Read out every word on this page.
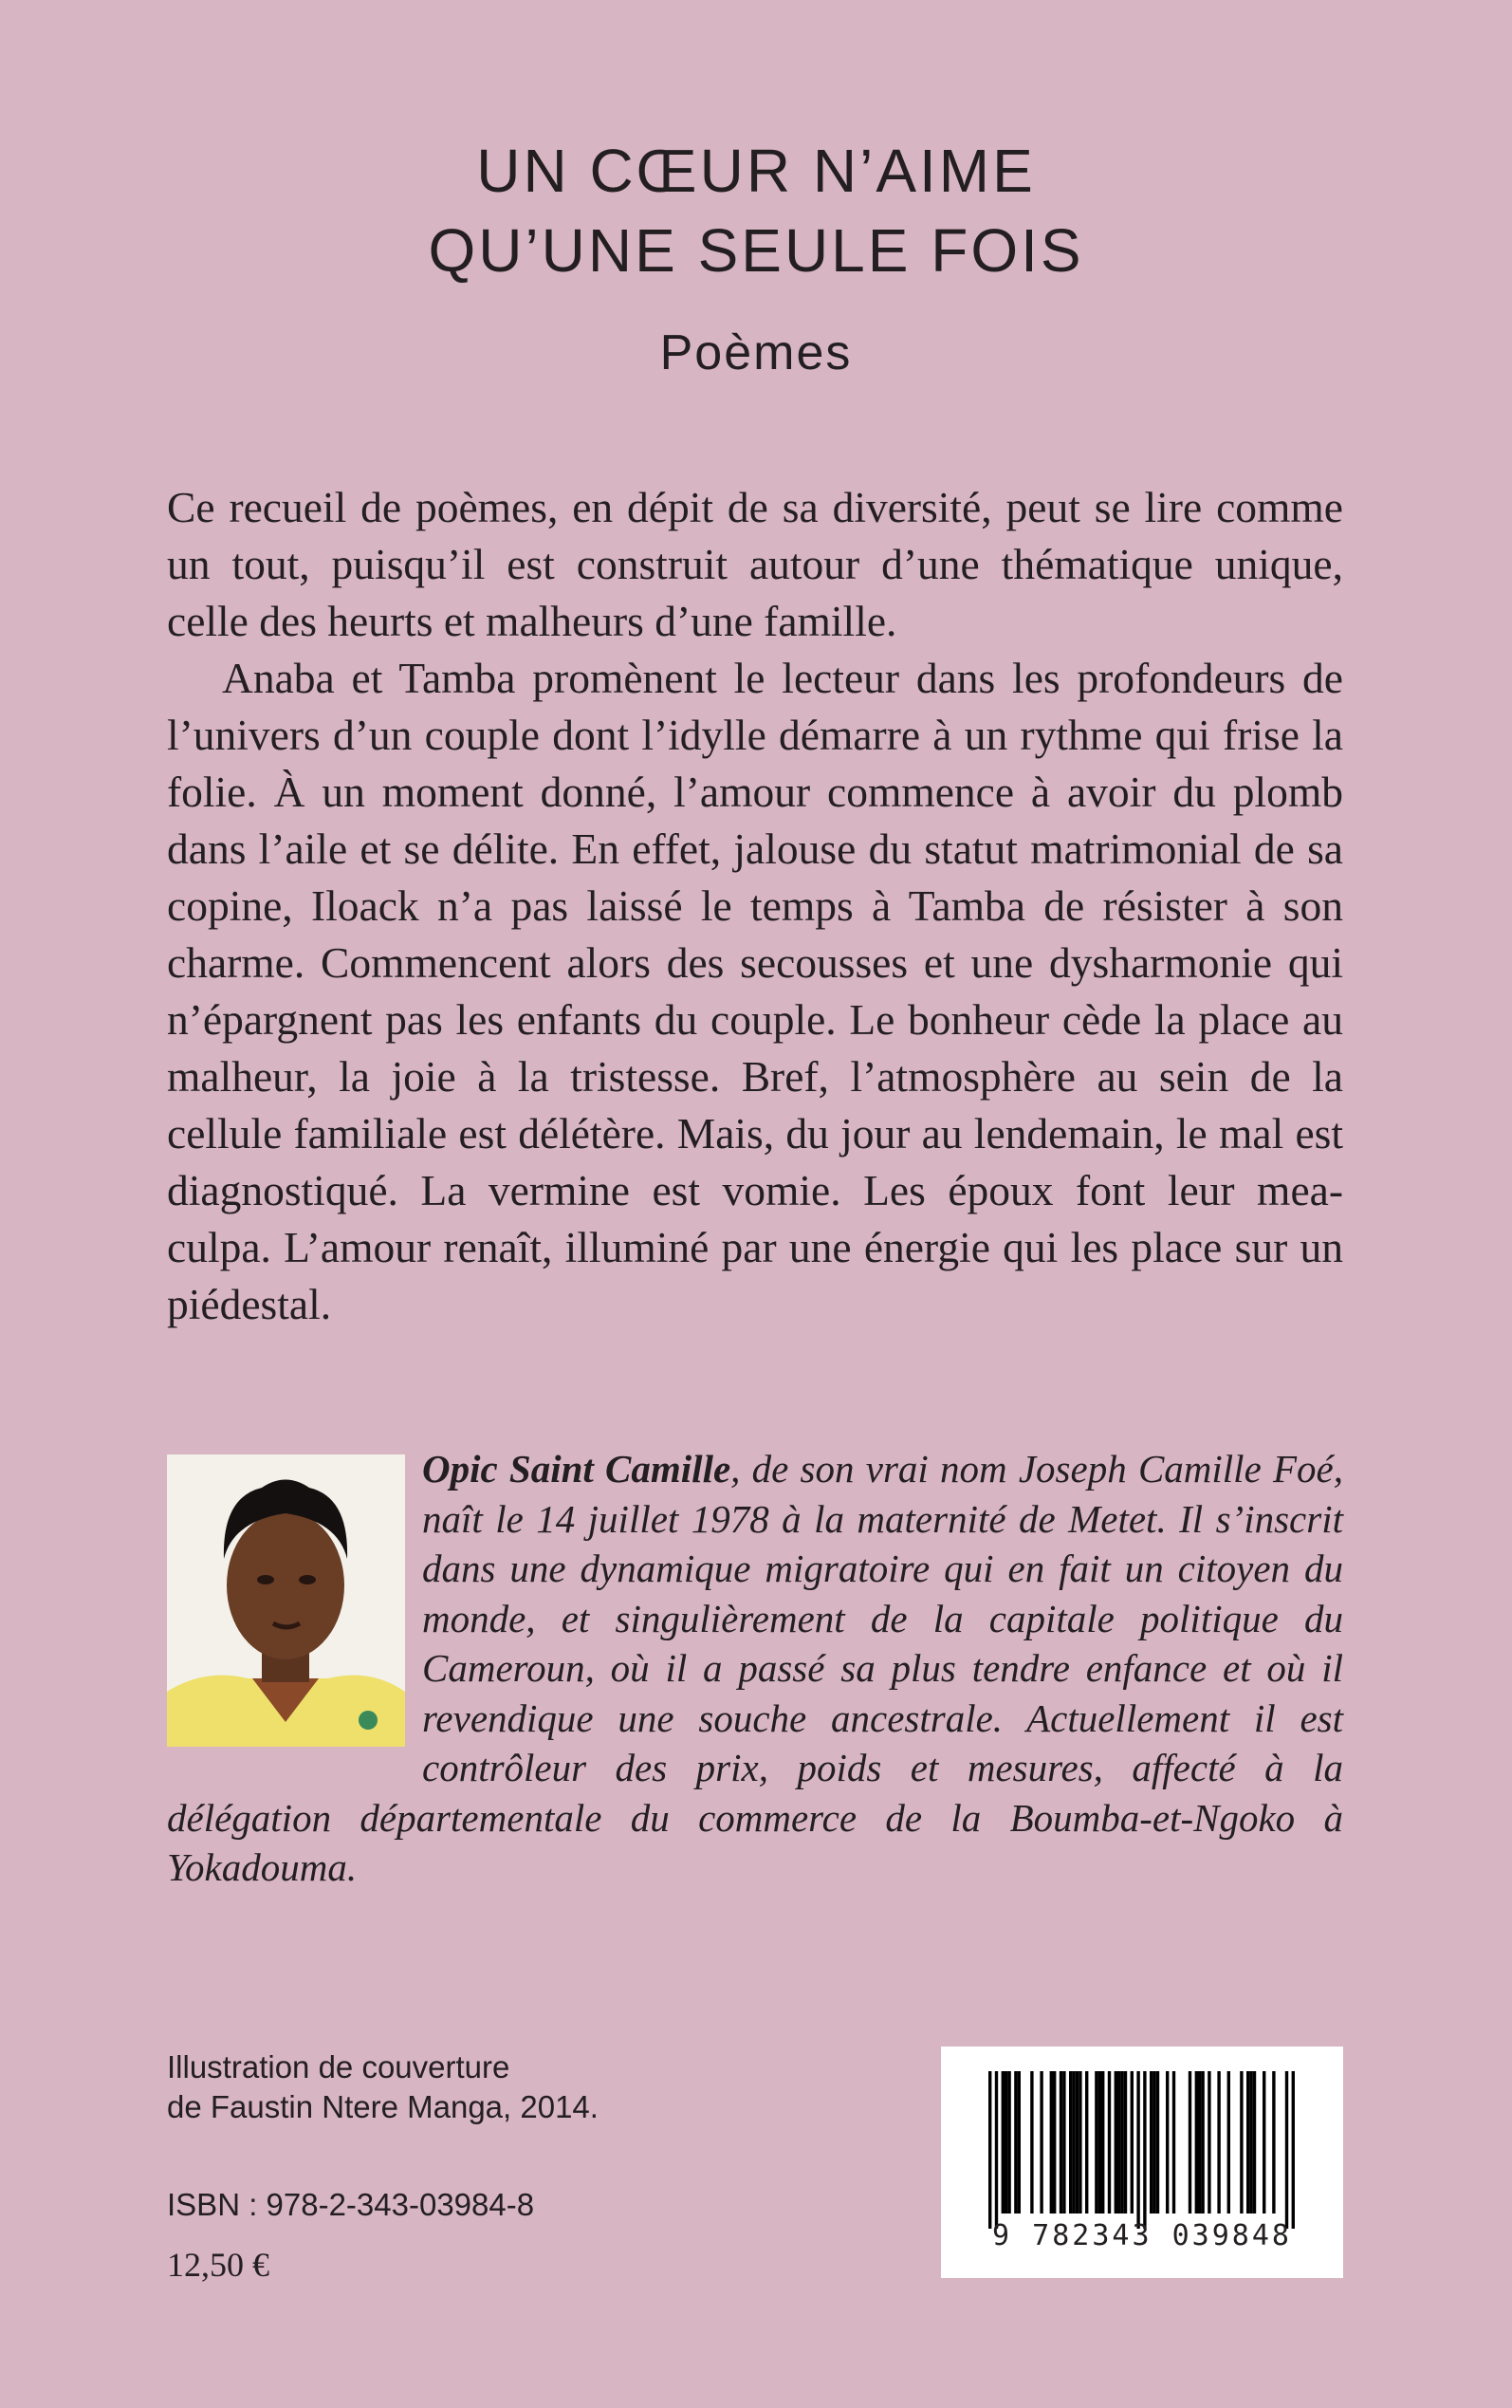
UN CŒUR N’AIME
QU’UNE SEULE FOIS
Poèmes

Ce recueil de poèmes, en dépit de sa diversité, peut se lire comme un tout, puisqu’il est construit autour d’une thématique unique, celle des heurts et malheurs d’une famille.

Anaba et Tamba promènent le lecteur dans les profondeurs de l’univers d’un couple dont l’idylle démarre à un rythme qui frise la folie. À un moment donné, l’amour commence à avoir du plomb dans l’aile et se délite. En effet, jalouse du statut matrimonial de sa copine, Iloack n’a pas laissé le temps à Tamba de résister à son charme. Commencent alors des secousses et une dysharmonie qui n’épargnent pas les enfants du couple. Le bonheur cède la place au malheur, la joie à la tristesse. Bref, l’atmosphère au sein de la cellule familiale est délétère. Mais, du jour au lendemain, le mal est diagnostiqué. La vermine est vomie. Les époux font leur mea-culpa. L’amour renaît, illuminé par une énergie qui les place sur un piédestal.

Opic Saint Camille, de son vrai nom Joseph Camille Foé, naît le 14 juillet 1978 à la maternité de Metet. Il s’inscrit dans une dynamique migratoire qui en fait un citoyen du monde, et singulièrement de la capitale politique du Cameroun, où il a passé sa plus tendre enfance et où il revendique une souche ancestrale. Actuellement il est contrôleur des prix, poids et mesures, affecté à la délégation départementale du commerce de la Boumba-et-Ngoko à Yokadouma.
Illustration de couverture
de Faustin Ntere Manga, 2014.
ISBN : 978-2-343-03984-8
12,50 €
9 782343 039848
